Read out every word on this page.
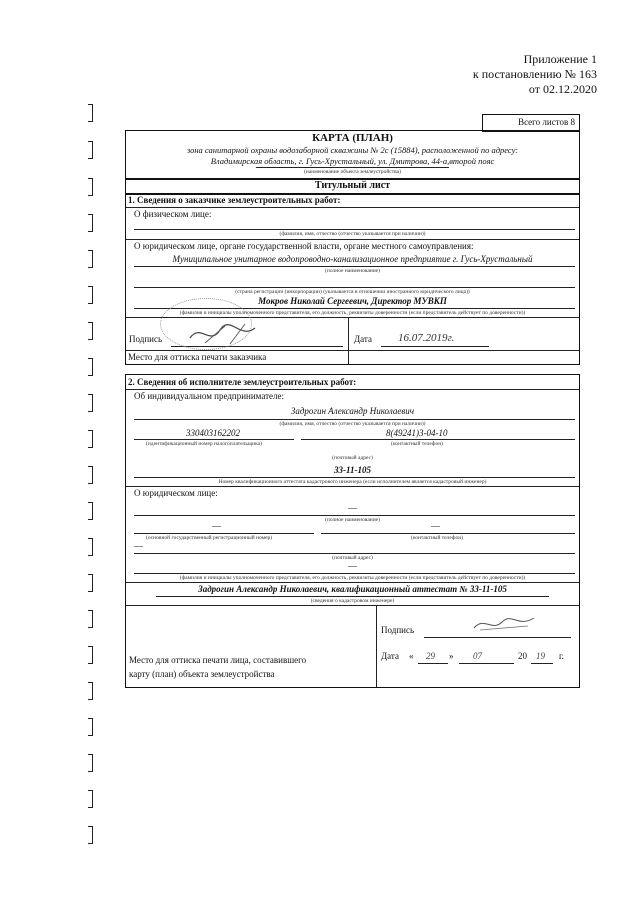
Приложение 1
к постановлению № 163
от 02.12.2020
Всего листов 8
КАРТА (ПЛАН)
зона санитарной охраны водозаборной скважины № 2с (15884), расположенной по адресу:
Владимирская область, г. Гусь-Хрустальный, ул. Дмитрова, 44-а,второй пояс
(наименование объекта землеустройства)
Титульный лист
1. Сведения о заказчике землеустроительных работ:
О физическом лице:
(фамилия, имя, отчество (отчество указывается при наличии))
О юридическом лице, органе государственной власти, органе местного самоуправления:
Муниципальное унитарное водопроводно-канализационное предприятие г. Гусь-Хрустальный
(полное наименование)
(страна регистрации (инкорпорации) (указывается в отношении иностранного юридического лица))
Мокров Николай Сергеевич, Директор МУВКП
(фамилия и инициалы уполномоченного представителя, его должность, реквизиты доверенности (если представитель действует по доверенности))
Подпись	Дата 16.07.2019г.
Место для оттиска печати заказчика
2. Сведения об исполнителе землеустроительных работ:
Об индивидуальном предпринимателе:
Задрогин Александр Николаевич
(фамилия, имя, отчество (отчество указывается при наличии))
330403162202
(идентификационный номер налогоплательщика)
8(49241)3-04-10
(контактный телефон)
(почтовый адрес)
33-11-105
Номер квалификационного аттестата кадастрового инженера (если исполнителем является кадастровый инженер)
О юридическом лице:
—
(полное наименование)
—
(основной государственный регистрационный номер)
—
(контактный телефон)
—
(почтовый адрес)
—
(фамилия и инициалы уполномоченного представителя, его должность, реквизиты доверенности (если представитель действует по доверенности))
Задрогин Александр Николаевич, квалификационный аттестат № 33-11-105
(сведения о кадастровом инженере)
Подпись
Дата « 29 » 07	20 19 г.
Место для оттиска печати лица, составившего
карту (план) объекта землеустройства
